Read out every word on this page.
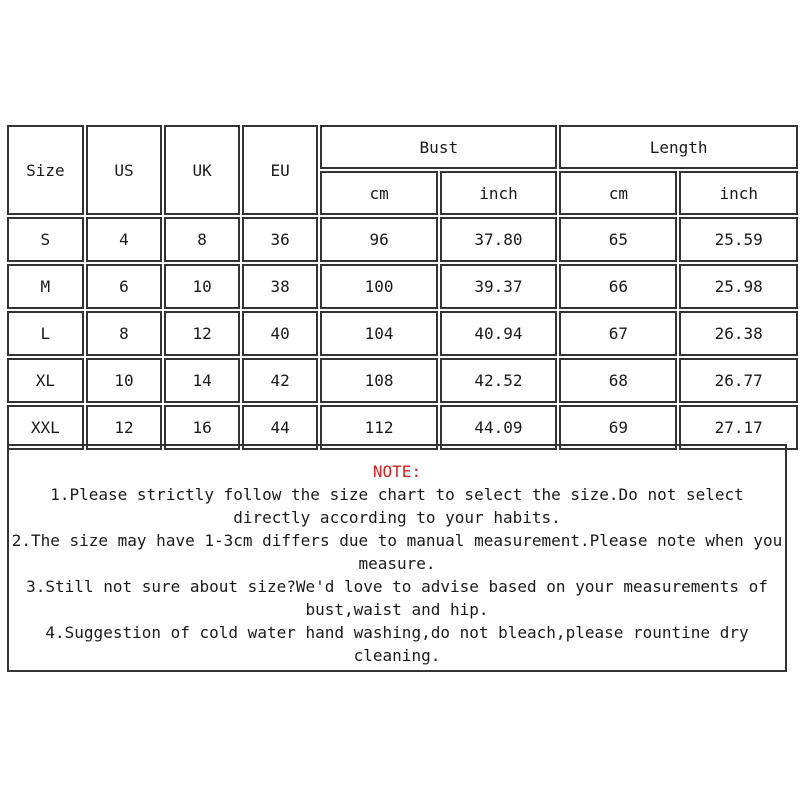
Size	US	UK	EU	Bust		Length	
				cm	inch	cm	inch
S	4	8	36	96	37.80	65	25.59
M	6	10	38	100	39.37	66	25.98
L	8	12	40	104	40.94	67	26.38
XL	10	14	42	108	42.52	68	26.77
XXL	12	16	44	112	44.09	69	27.17
NOTE:
1.Please strictly follow the size chart to select the size.Do not select directly according to your habits.
2.The size may have 1-3cm differs due to manual measurement.Please note when you measure.
3.Still not sure about size?We'd love to advise based on your measurements of bust,waist and hip.
4.Suggestion of cold water hand washing,do not bleach,please rountine dry cleaning.
